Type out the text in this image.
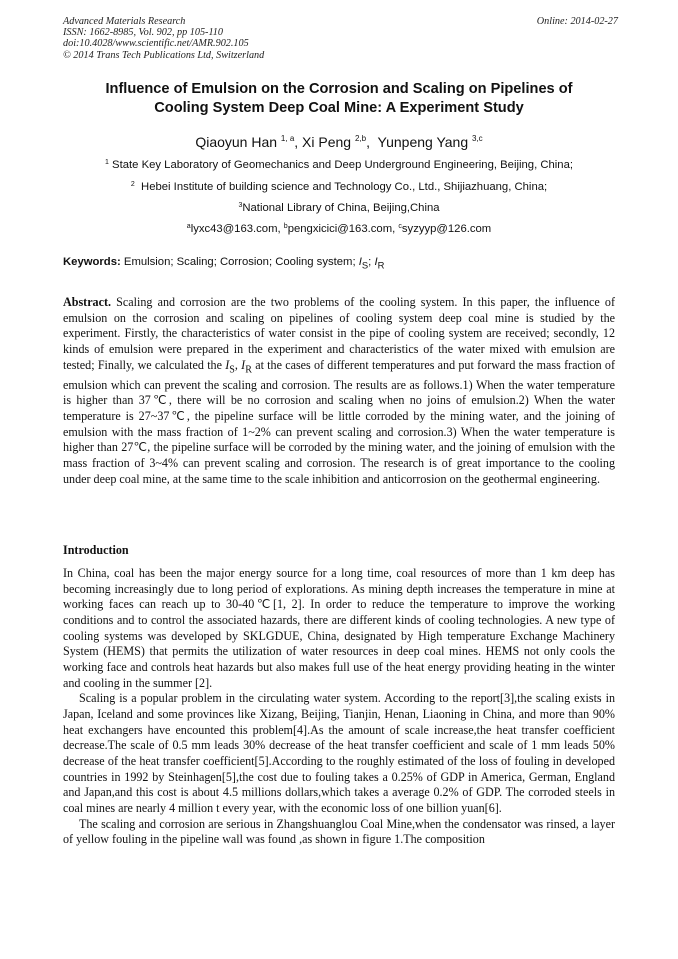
Advanced Materials Research
ISSN: 1662-8985, Vol. 902, pp 105-110
doi:10.4028/www.scientific.net/AMR.902.105
© 2014 Trans Tech Publications Ltd, Switzerland
Online: 2014-02-27
Influence of Emulsion on the Corrosion and Scaling on Pipelines of
Cooling System Deep Coal Mine: A Experiment Study
Qiaoyun Han $^{1, a}$, Xi Peng $^{2,b}$,  Yunpeng Yang $^{3,c}$
$^1$ State Key Laboratory of Geomechanics and Deep Underground Engineering, Beijing, China;
$^2$ Hebei Institute of building science and Technology Co., Ltd., Shijiazhuang, China;
$^3$National Library of China, Beijing,China
$^a$lyxc43@163.com, $^b$pengxicici@163.com, $^c$syzyyp@126.com
Keywords: Emulsion; Scaling; Corrosion; Cooling system; $I_S$; $I_R$

Abstract. Scaling and corrosion are the two problems of the cooling system. In this paper, the influence of emulsion on the corrosion and scaling on pipelines of cooling system deep coal mine is studied by the experiment. Firstly, the characteristics of water consist in the pipe of cooling system are received; secondly, 12 kinds of emulsion were prepared in the experiment and characteristics of the water mixed with emulsion are tested; Finally, we calculated the $I_S$, $I_R$ at the cases of different temperatures and put forward the mass fraction of emulsion which can prevent the scaling and corrosion. The results are as follows.1) When the water temperature is higher than 37℃, there will be no corrosion and scaling when no joins of emulsion.2) When the water temperature is 27~37℃, the pipeline surface will be little corroded by the mining water, and the joining of emulsion with the mass fraction of 1~2% can prevent scaling and corrosion.3) When the water temperature is higher than 27℃, the pipeline surface will be corroded by the mining water, and the joining of emulsion with the mass fraction of 3~4% can prevent scaling and corrosion. The research is of great importance to the cooling under deep coal mine, at the same time to the scale inhibition and anticorrosion on the geothermal engineering.

Introduction

In China, coal has been the major energy source for a long time, coal resources of more than 1 km deep has becoming increasingly due to long period of explorations. As mining depth increases the temperature in mine at working faces can reach up to 30-40℃[1, 2]. In order to reduce the temperature to improve the working conditions and to control the associated hazards, there are different kinds of cooling technologies. A new type of cooling systems was developed by SKLGDUE, China, designated by High temperature Exchange Machinery System (HEMS) that permits the utilization of water resources in deep coal mines. HEMS not only cools the working face and controls heat hazards but also makes full use of the heat energy providing heating in the winter and cooling in the summer [2].

Scaling is a popular problem in the circulating water system. According to the report[3],the scaling exists in Japan, Iceland and some provinces like Xizang, Beijing, Tianjin, Henan, Liaoning in China, and more than 90% heat exchangers have encounted this problem[4].As the amount of scale increase,the heat transfer coefficient decrease.The scale of 0.5 mm leads 30% decrease of the heat transfer coefficient and scale of 1 mm leads 50% decrease of the heat transfer coefficient[5].According to the roughly estimated of the loss of fouling in developed countries in 1992 by Steinhagen[5],the cost due to fouling takes a 0.25% of GDP in America, German, England and Japan,and this cost is about 4.5 millions dollars,which takes a average 0.2% of GDP. The corroded steels in coal mines are nearly 4 million t every year, with the economic loss of one billion yuan[6].

The scaling and corrosion are serious in Zhangshuanglou Coal Mine,when the condensator was rinsed, a layer of yellow fouling in the pipeline wall was found ,as shown in figure 1.The composition
